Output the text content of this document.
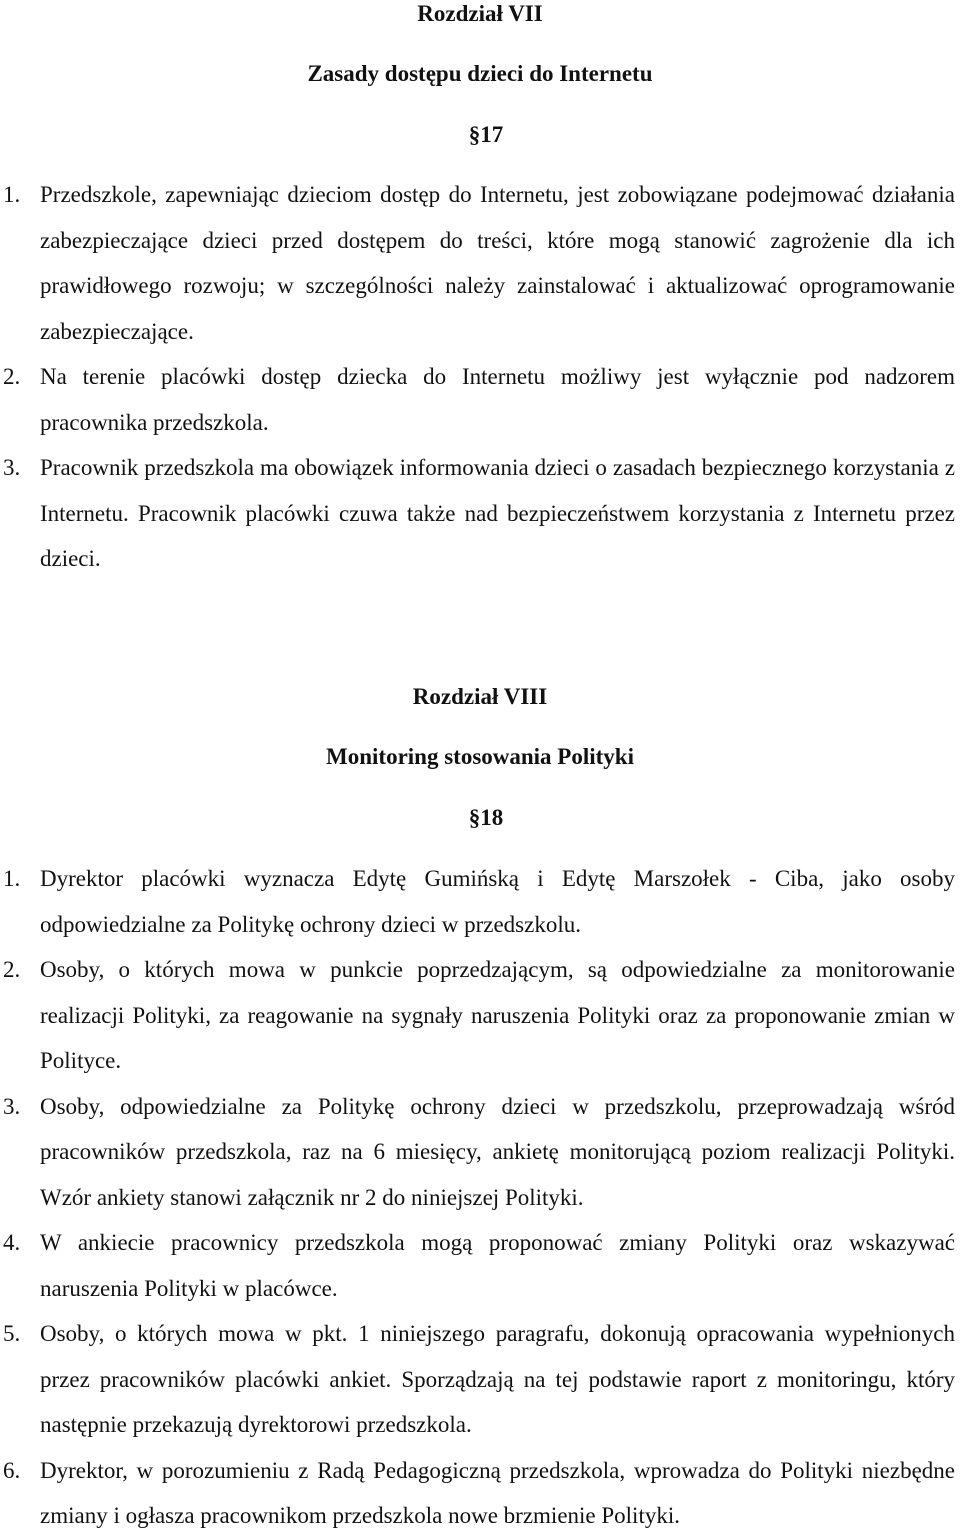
Rozdział VII
Zasady dostępu dzieci do Internetu
§17
1. Przedszkole, zapewniając dzieciom dostęp do Internetu, jest zobowiązane podejmować działania zabezpieczające dzieci przed dostępem do treści, które mogą stanowić zagrożenie dla ich prawidłowego rozwoju; w szczególności należy zainstalować i aktualizować oprogramowanie zabezpieczające.
2. Na terenie placówki dostęp dziecka do Internetu możliwy jest wyłącznie pod nadzorem pracownika przedszkola.
3. Pracownik przedszkola ma obowiązek informowania dzieci o zasadach bezpiecznego korzystania z Internetu. Pracownik placówki czuwa także nad bezpieczeństwem korzystania z Internetu przez dzieci.
Rozdział VIII
Monitoring stosowania Polityki
§18
1. Dyrektor placówki wyznacza Edytę Gumińską i Edytę Marszołek - Ciba, jako osoby odpowiedzialne za Politykę ochrony dzieci w przedszkolu.
2. Osoby, o których mowa w punkcie poprzedzającym, są odpowiedzialne za monitorowanie realizacji Polityki, za reagowanie na sygnały naruszenia Polityki oraz za proponowanie zmian w Polityce.
3. Osoby, odpowiedzialne za Politykę ochrony dzieci w przedszkolu, przeprowadzają wśród pracowników przedszkola, raz na 6 miesięcy, ankietę monitorującą poziom realizacji Polityki. Wzór ankiety stanowi załącznik nr 2 do niniejszej Polityki.
4. W ankiecie pracownicy przedszkola mogą proponować zmiany Polityki oraz wskazywać naruszenia Polityki w placówce.
5. Osoby, o których mowa w pkt. 1 niniejszego paragrafu, dokonują opracowania wypełnionych przez pracowników placówki ankiet. Sporządzają na tej podstawie raport z monitoringu, który następnie przekazują dyrektorowi przedszkola.
6. Dyrektor, w porozumieniu z Radą Pedagogiczną przedszkola, wprowadza do Polityki niezbędne zmiany i ogłasza pracownikom przedszkola nowe brzmienie Polityki.
